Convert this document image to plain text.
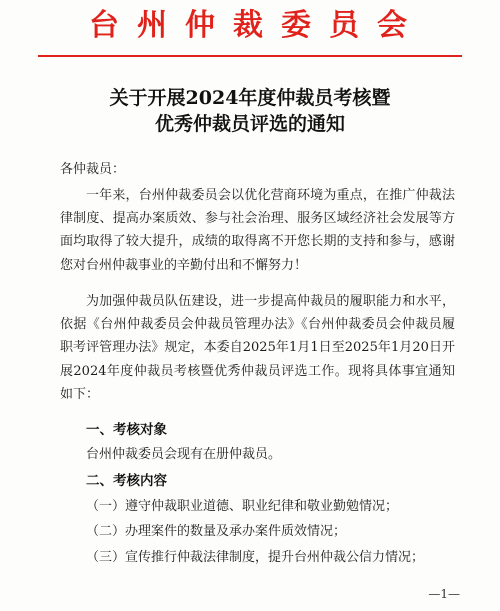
台州仲裁委员会
关于开展2024年度仲裁员考核暨
优秀仲裁员评选的通知
各仲裁员：
一年来，台州仲裁委员会以优化营商环境为重点，在推广仲裁法律制度、提高办案质效、参与社会治理、服务区域经济社会发展等方面均取得了较大提升，成绩的取得离不开您长期的支持和参与，感谢您对台州仲裁事业的辛勤付出和不懈努力！
为加强仲裁员队伍建设，进一步提高仲裁员的履职能力和水平，依据《台州仲裁委员会仲裁员管理办法》《台州仲裁委员会仲裁员履职考评管理办法》规定，本委自2025年1月1日至2025年1月20日开展2024年度仲裁员考核暨优秀仲裁员评选工作。现将具体事宜通知如下：
一、考核对象
台州仲裁委员会现有在册仲裁员。
二、考核内容
（一）遵守仲裁职业道德、职业纪律和敬业勤勉情况；
（二）办理案件的数量及承办案件质效情况；
（三）宣传推行仲裁法律制度，提升台州仲裁公信力情况；
—1—
